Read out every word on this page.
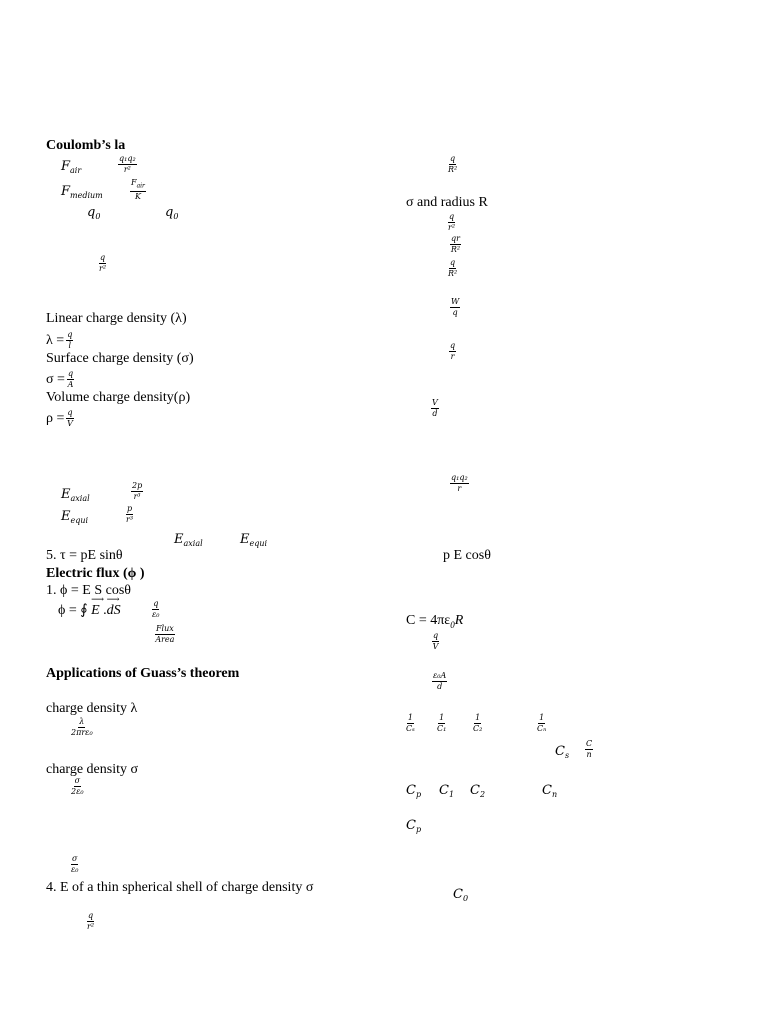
Coulomb’s la
$F_{air}$
q₁q₂
r²
$F_{medium}$
$F_{air}$
K
$q_0$	$q_0$
q
r²
Linear charge density (λ)
$\lambda = \frac{q}{l}$
Surface charge density (σ)
$\sigma = \frac{q}{A}$
Volume charge density(ρ)
$\rho = \frac{q}{V}$
$E_{axial}$
2p
r³
$E_{equi}$
p
r³
$E_{axial}$	$E_{equi}$
5. τ = pE sinθ
Electric flux (ϕ )
1. ϕ = E S cosθ
ϕ = ∮ ⟶ E .⟶ dS	q
ε₀
Flux
Area
Applications of Guass’s theorem
charge density λ
λ
2πrε₀
charge density σ
σ
2ε₀
σ
ε₀
4. E of a thin spherical shell of charge density σ
q
r²
q
R²
σ and radius R
q
r²
qr
R²
q
R²
W
q
q
r
V
d
q₁q₂
r
p E cosθ
$C = 4\pi\varepsilon_0R$
q
V
ε₀A
d
1
Cₛ
1
C₁
1
C₂
1
Cₙ
$C_s$
C
n
$C_p$ $C_1$ $C_2$	$C_n$
$C_p$
$C_0$
